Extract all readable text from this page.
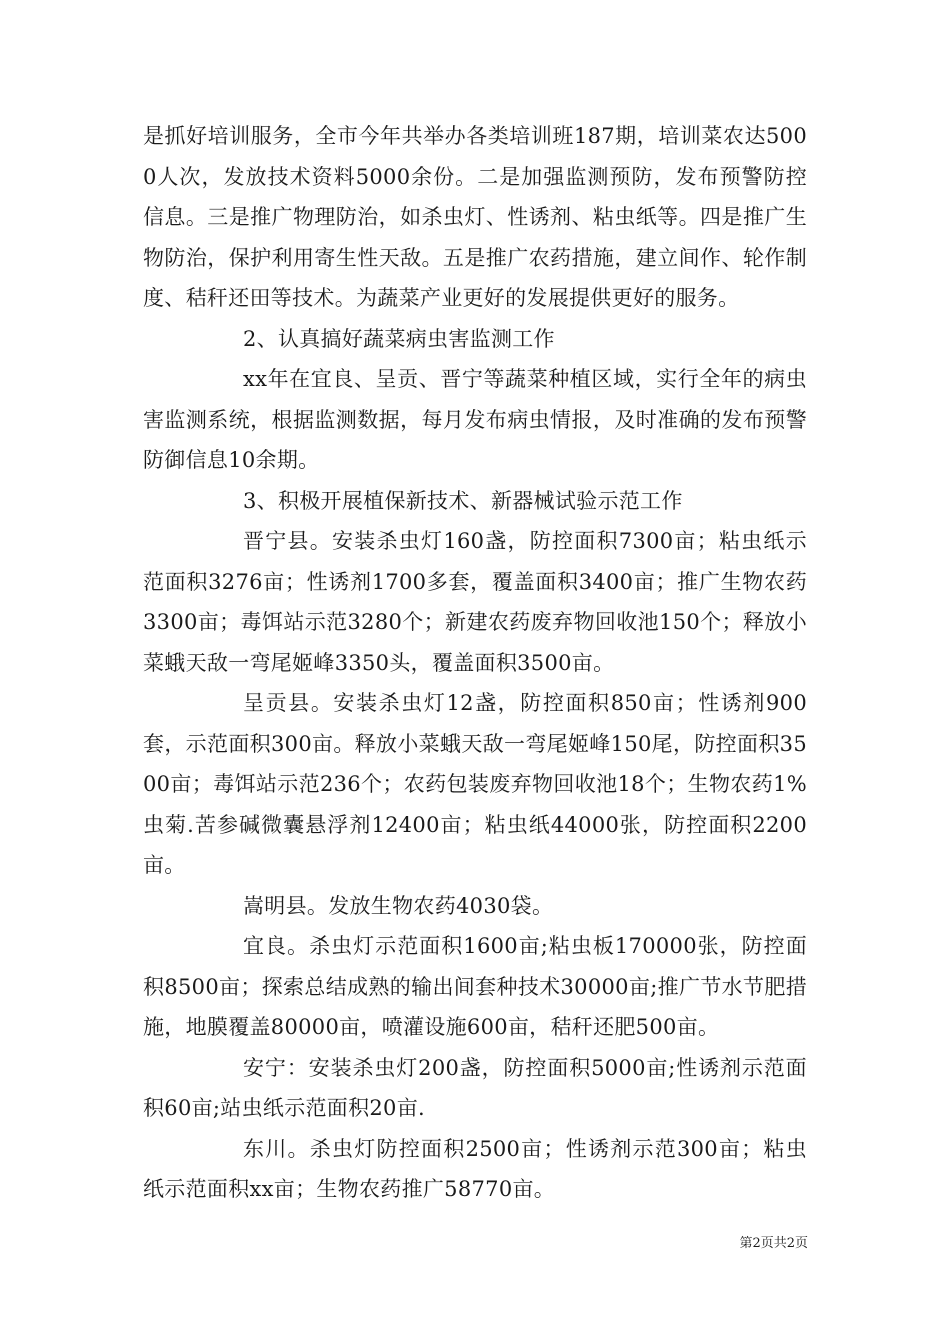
是抓好培训服务，全市今年共举办各类培训班187期，培训菜农达5000人次，发放技术资料5000余份。二是加强监测预防，发布预警防控信息。三是推广物理防治，如杀虫灯、性诱剂、粘虫纸等。四是推广生物防治，保护利用寄生性天敌。五是推广农药措施，建立间作、轮作制度、秸秆还田等技术。为蔬菜产业更好的发展提供更好的服务。

2、认真搞好蔬菜病虫害监测工作

xx年在宜良、呈贡、晋宁等蔬菜种植区域，实行全年的病虫害监测系统，根据监测数据，每月发布病虫情报，及时准确的发布预警防御信息10余期。

3、积极开展植保新技术、新器械试验示范工作

晋宁县。安装杀虫灯160盏，防控面积7300亩；粘虫纸示范面积3276亩；性诱剂1700多套，覆盖面积3400亩；推广生物农药3300亩；毒饵站示范3280个；新建农药废弃物回收池150个；释放小菜蛾天敌一弯尾姬峰3350头，覆盖面积3500亩。

呈贡县。安装杀虫灯12盏，防控面积850亩；性诱剂900套，示范面积300亩。释放小菜蛾天敌一弯尾姬峰150尾，防控面积3500亩；毒饵站示范236个；农药包装废弃物回收池18个；生物农药1%虫菊.苦参碱微囊悬浮剂12400亩；粘虫纸44000张，防控面积2200亩。

嵩明县。发放生物农药4030袋。

宜良。杀虫灯示范面积1600亩;粘虫板170000张，防控面积8500亩；探索总结成熟的输出间套种技术30000亩;推广节水节肥措施，地膜覆盖80000亩，喷灌设施600亩，秸秆还肥500亩。

安宁：安装杀虫灯200盏，防控面积5000亩;性诱剂示范面积60亩;站虫纸示范面积20亩.

东川。杀虫灯防控面积2500亩；性诱剂示范300亩；粘虫纸示范面积xx亩；生物农药推广58770亩。

第2页共2页
